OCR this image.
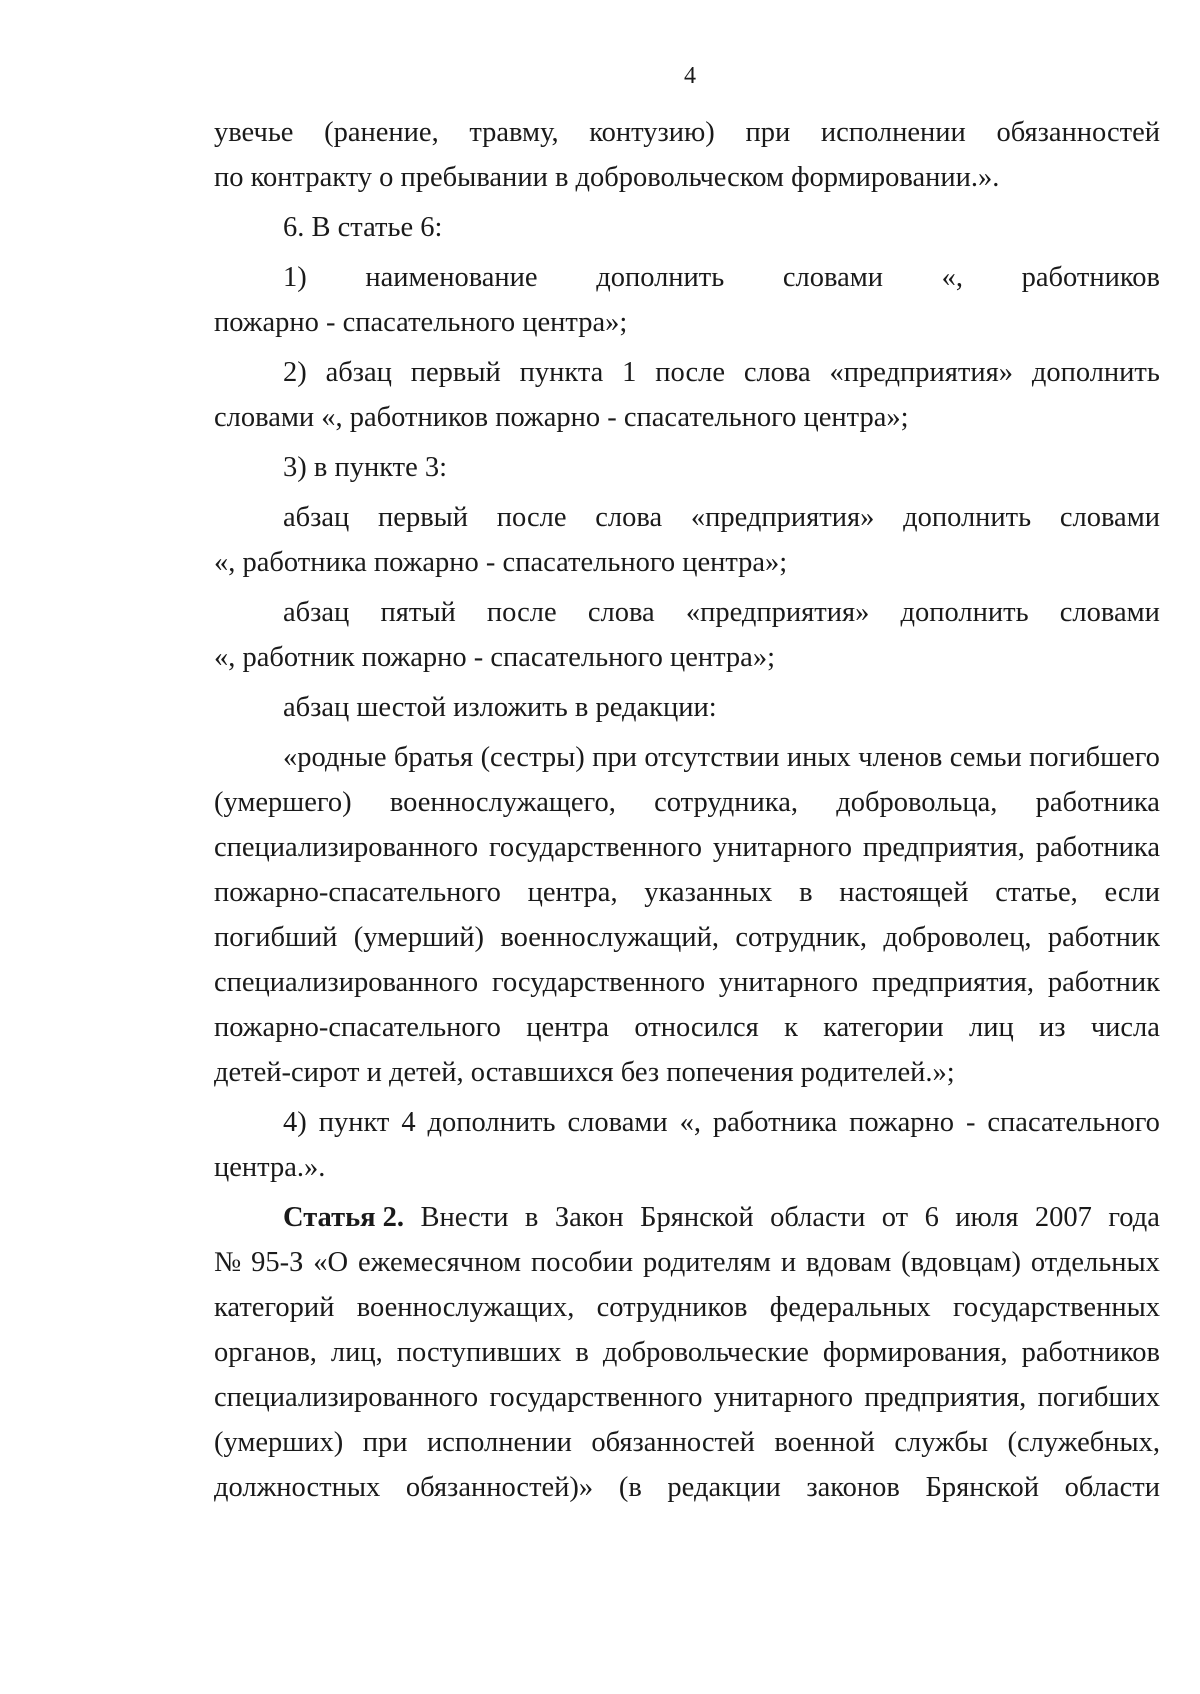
4
увечье (ранение, травму, контузию) при исполнении обязанностей
по контракту о пребывании в добровольческом формировании.».
6. В статье 6:
1) наименование дополнить словами «, работников
пожарно - спасательного центра»;
2) абзац первый пункта 1 после слова «предприятия» дополнить
словами «, работников пожарно - спасательного центра»;
3) в пункте 3:
абзац первый после слова «предприятия» дополнить словами
«, работника пожарно - спасательного центра»;
абзац пятый после слова «предприятия» дополнить словами
«, работник пожарно - спасательного центра»;
абзац шестой изложить в редакции:
«родные братья (сестры) при отсутствии иных членов семьи погибшего
(умершего) военнослужащего, сотрудника, добровольца, работника
специализированного государственного унитарного предприятия, работника
пожарно-спасательного центра, указанных в настоящей статье, если
погибший (умерший) военнослужащий, сотрудник, доброволец, работник
специализированного государственного унитарного предприятия, работник
пожарно-спасательного центра относился к категории лиц из числа
детей-сирот и детей, оставшихся без попечения родителей.»;
4) пункт 4 дополнить словами «, работника пожарно - спасательного
центра.».
Статья 2. Внести в Закон Брянской области от 6 июля 2007 года
№ 95-З «О ежемесячном пособии родителям и вдовам (вдовцам) отдельных
категорий военнослужащих, сотрудников федеральных государственных
органов, лиц, поступивших в добровольческие формирования, работников
специализированного государственного унитарного предприятия, погибших
(умерших) при исполнении обязанностей военной службы (служебных,
должностных обязанностей)» (в редакции законов Брянской области
